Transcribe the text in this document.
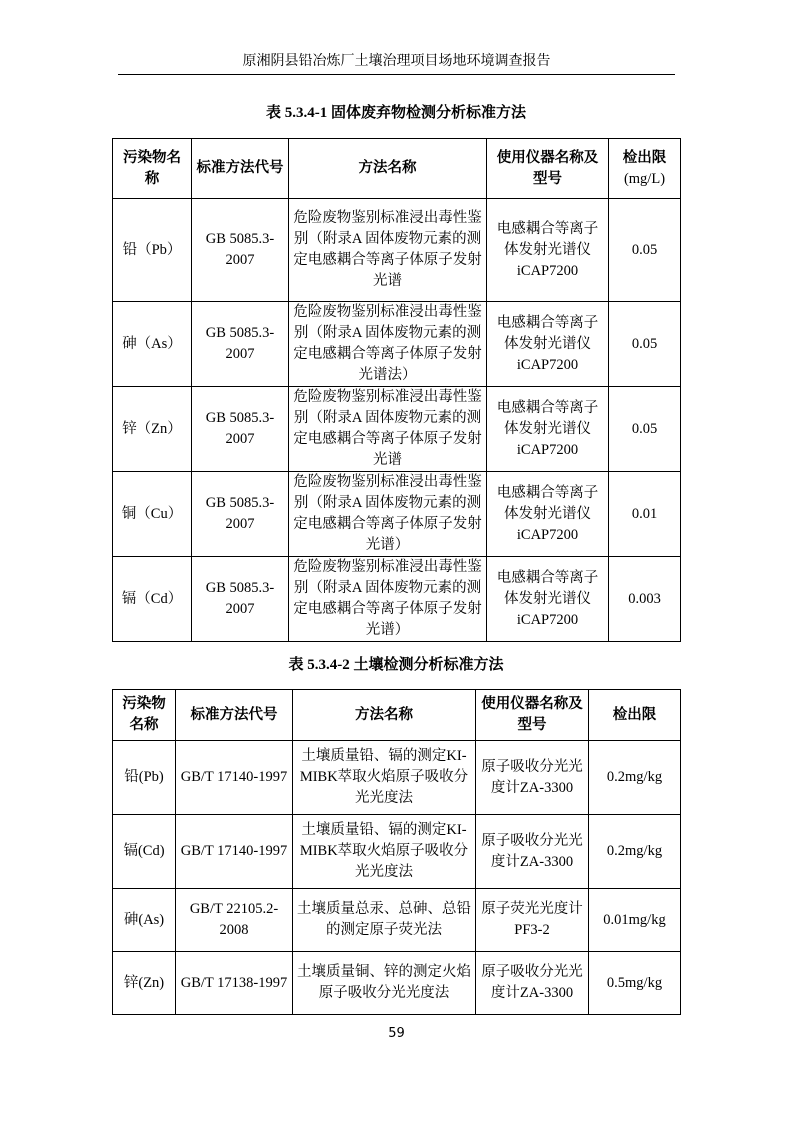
原湘阴县铅冶炼厂土壤治理项目场地环境调查报告
表 5.3.4-1 固体废弃物检测分析标准方法
污染物名称	标准方法代号	方法名称	使用仪器名称及型号	检出限
(mg/L)

铅（Pb）	GB 5085.3-2007	危险废物鉴别标准浸出毒性鉴别（附录A 固体废物元素的测定电感耦合等离子体原子发射光谱	电感耦合等离子体发射光谱仪iCAP7200	0.05
砷（As）	GB 5085.3-2007	危险废物鉴别标准浸出毒性鉴别（附录A 固体废物元素的测定电感耦合等离子体原子发射光谱法）	电感耦合等离子体发射光谱仪iCAP7200	0.05
锌（Zn）	GB 5085.3-2007	危险废物鉴别标准浸出毒性鉴别（附录A 固体废物元素的测定电感耦合等离子体原子发射光谱	电感耦合等离子体发射光谱仪iCAP7200	0.05
铜（Cu）	GB 5085.3-2007	危险废物鉴别标准浸出毒性鉴别（附录A 固体废物元素的测定电感耦合等离子体原子发射光谱）	电感耦合等离子体发射光谱仪iCAP7200	0.01
镉（Cd）	GB 5085.3-2007	危险废物鉴别标准浸出毒性鉴别（附录A 固体废物元素的测定电感耦合等离子体原子发射光谱）	电感耦合等离子体发射光谱仪iCAP7200	0.003
表 5.3.4-2 土壤检测分析标准方法
污染物名称	标准方法代号	方法名称	使用仪器名称及型号	检出限
铅(Pb)	GB/T 17140-1997	土壤质量铅、镉的测定KI-MIBK萃取火焰原子吸收分光光度法	原子吸收分光光度计ZA-3300	0.2mg/kg
镉(Cd)	GB/T 17140-1997	土壤质量铅、镉的测定KI-MIBK萃取火焰原子吸收分光光度法	原子吸收分光光度计ZA-3300	0.2mg/kg
砷(As)	GB/T 22105.2-2008	土壤质量总汞、总砷、总铅的测定原子荧光法	原子荧光光度计PF3-2	0.01mg/kg
锌(Zn)	GB/T 17138-1997	土壤质量铜、锌的测定火焰原子吸收分光光度法	原子吸收分光光度计ZA-3300	0.5mg/kg
59
